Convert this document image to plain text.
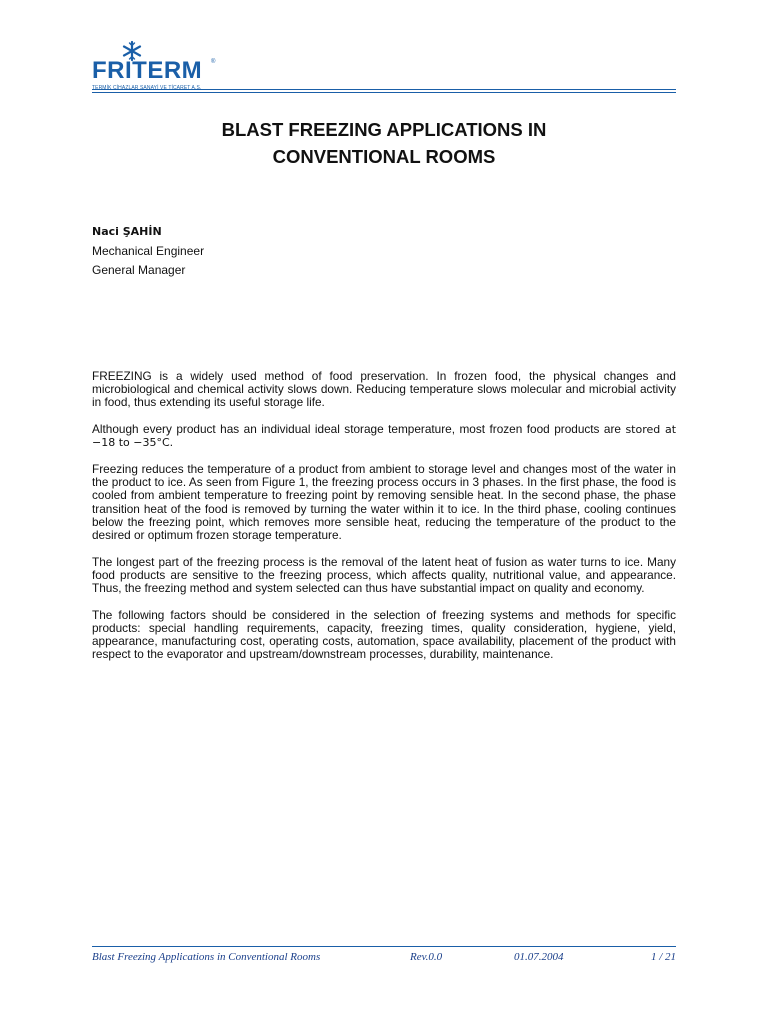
FRITERM ®
TERMİK CİHAZLAR SANAYİ VE TİCARET A.Ş.
BLAST FREEZING APPLICATIONS IN
CONVENTIONAL ROOMS
Naci ŞAHİN
Mechanical Engineer
General Manager

FREEZING is a widely used method of food preservation. In frozen food, the physical changes and microbiological and chemical activity slows down. Reducing temperature slows molecular and microbial activity in food, thus extending its useful storage life.

Although every product has an individual ideal storage temperature, most frozen food products are stored at −18 to −35°C.

Freezing reduces the temperature of a product from ambient to storage level and changes most of the water in the product to ice. As seen from Figure 1, the freezing process occurs in 3 phases. In the first phase, the food is cooled from ambient temperature to freezing point by removing sensible heat. In the second phase, the phase transition heat of the food is removed by turning the water within it to ice. In the third phase, cooling continues below the freezing point, which removes more sensible heat, reducing the temperature of the product to the desired or optimum frozen storage temperature.

The longest part of the freezing process is the removal of the latent heat of fusion as water turns to ice. Many food products are sensitive to the freezing process, which affects quality, nutritional value, and appearance. Thus, the freezing method and system selected can thus have substantial impact on quality and economy.

The following factors should be considered in the selection of freezing systems and methods for specific products: special handling requirements, capacity, freezing times, quality consideration, hygiene, yield, appearance, manufacturing cost, operating costs, automation, space availability, placement of the product with respect to the evaporator and upstream/downstream processes, durability, maintenance.

Blast Freezing Applications in Conventional Rooms	Rev.0.0	01.07.2004	1 / 21
